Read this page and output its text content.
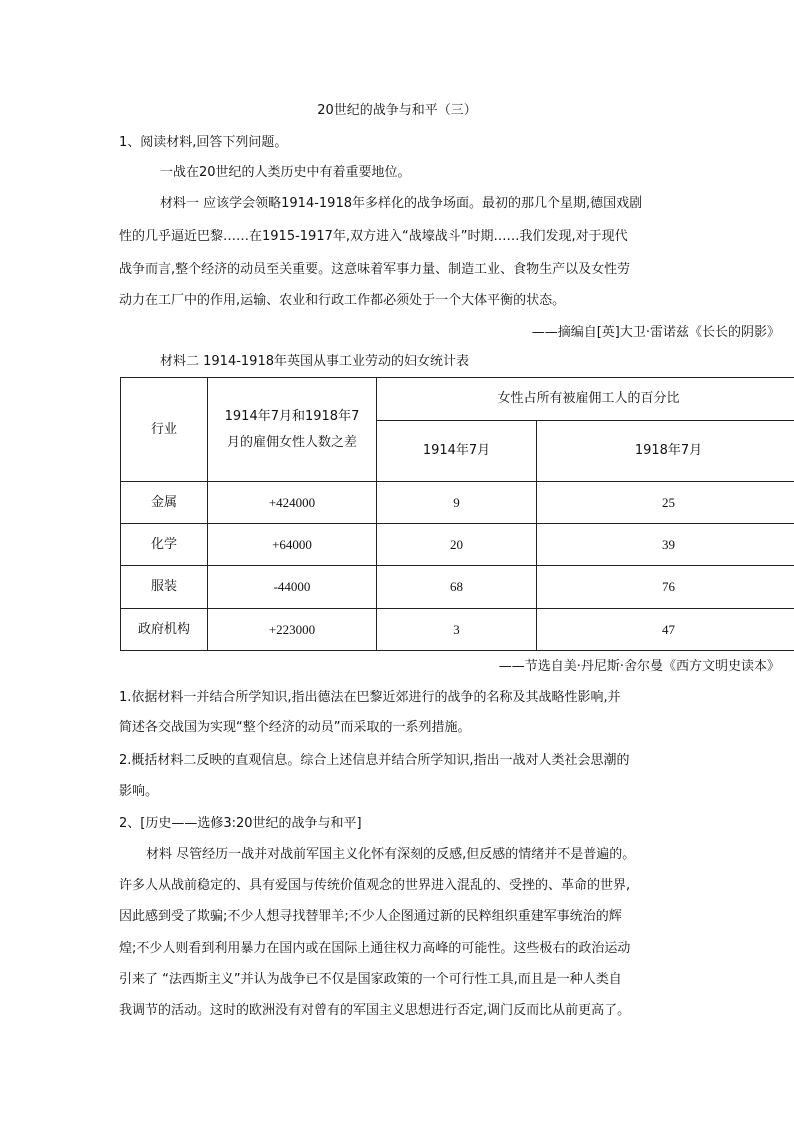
20世纪的战争与和平（三）
1、阅读材料,回答下列问题。
一战在20世纪的人类历史中有着重要地位。
材料一 应该学会领略1914-1918年多样化的战争场面。最初的那几个星期,德国戏剧
性的几乎逼近巴黎……在1915-1917年,双方进入“战壕战斗”时期……我们发现,对于现代
战争而言,整个经济的动员至关重要。这意味着军事力量、制造工业、食物生产以及女性劳
动力在工厂中的作用,运输、农业和行政工作都必须处于一个大体平衡的状态。
——摘编自[英]大卫·雷诺兹《长长的阴影》
材料二 1914-1918年英国从事工业劳动的妇女统计表
行业	1914年7月和1918年7
月的雇佣女性人数之差	女性占所有被雇佣工人的百分比	
		1914年7月	1918年7月
金属	+424000	9	25
化学	+64000	20	39
服装	-44000	68	76
政府机构	+223000	3	47
——节选自美·丹尼斯·舍尔曼《西方文明史读本》
1.依据材料一并结合所学知识,指出德法在巴黎近郊进行的战争的名称及其战略性影响,并
简述各交战国为实现“整个经济的动员”而采取的一系列措施。
2.概括材料二反映的直观信息。综合上述信息并结合所学知识,指出一战对人类社会思潮的
影响。
2、[历史——选修3:20世纪的战争与和平]
材料 尽管经历一战并对战前军国主义化怀有深刻的反感,但反感的情绪并不是普遍的。
许多人从战前稳定的、具有爱国与传统价值观念的世界进入混乱的、受挫的、革命的世界,
因此感到受了欺骗;不少人想寻找替罪羊;不少人企图通过新的民粹组织重建军事统治的辉
煌;不少人则看到利用暴力在国内或在国际上通往权力高峰的可能性。这些极右的政治运动
引来了 “法西斯主义”并认为战争已不仅是国家政策的一个可行性工具,而且是一种人类自
我调节的活动。这时的欧洲没有对曾有的军国主义思想进行否定,调门反而比从前更高了。
